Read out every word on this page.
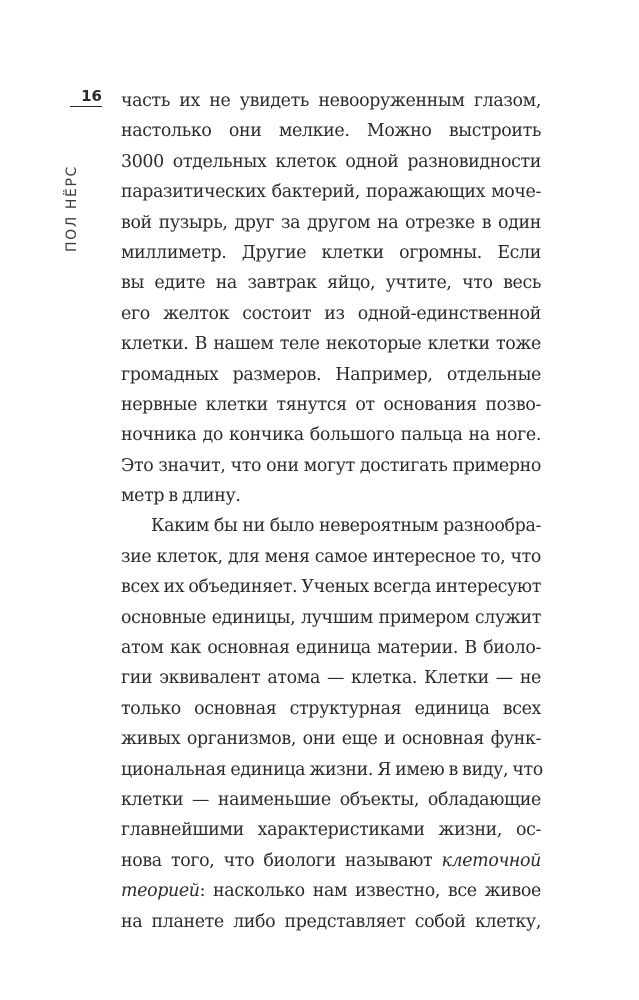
16
ПОЛ НЁРС
часть их не увидеть невооруженным глазом,
настолько они мелкие. Можно выстроить
3000 отдельных клеток одной разновидности
паразитических бактерий, поражающих моче-
вой пузырь, друг за другом на отрезке в один
миллиметр. Другие клетки огромны. Если
вы едите на завтрак яйцо, учтите, что весь
его желток состоит из одной-единственной
клетки. В нашем теле некоторые клетки тоже
громадных размеров. Например, отдельные
нервные клетки тянутся от основания позво-
ночника до кончика большого пальца на ноге.
Это значит, что они могут достигать примерно
метр в длину.
Каким бы ни было невероятным разнообра-
зие клеток, для меня самое интересное то, что
всех их объединяет. Ученых всегда интересуют
основные единицы, лучшим примером служит
атом как основная единица материи. В биоло-
гии эквивалент атома — клетка. Клетки — не
только основная структурная единица всех
живых организмов, они еще и основная функ-
циональная единица жизни. Я имею в виду, что
клетки — наименьшие объекты, обладающие
главнейшими характеристиками жизни, ос-
нова того, что биологи называют клеточной
теорией: насколько нам известно, все живое
на планете либо представляет собой клетку,
